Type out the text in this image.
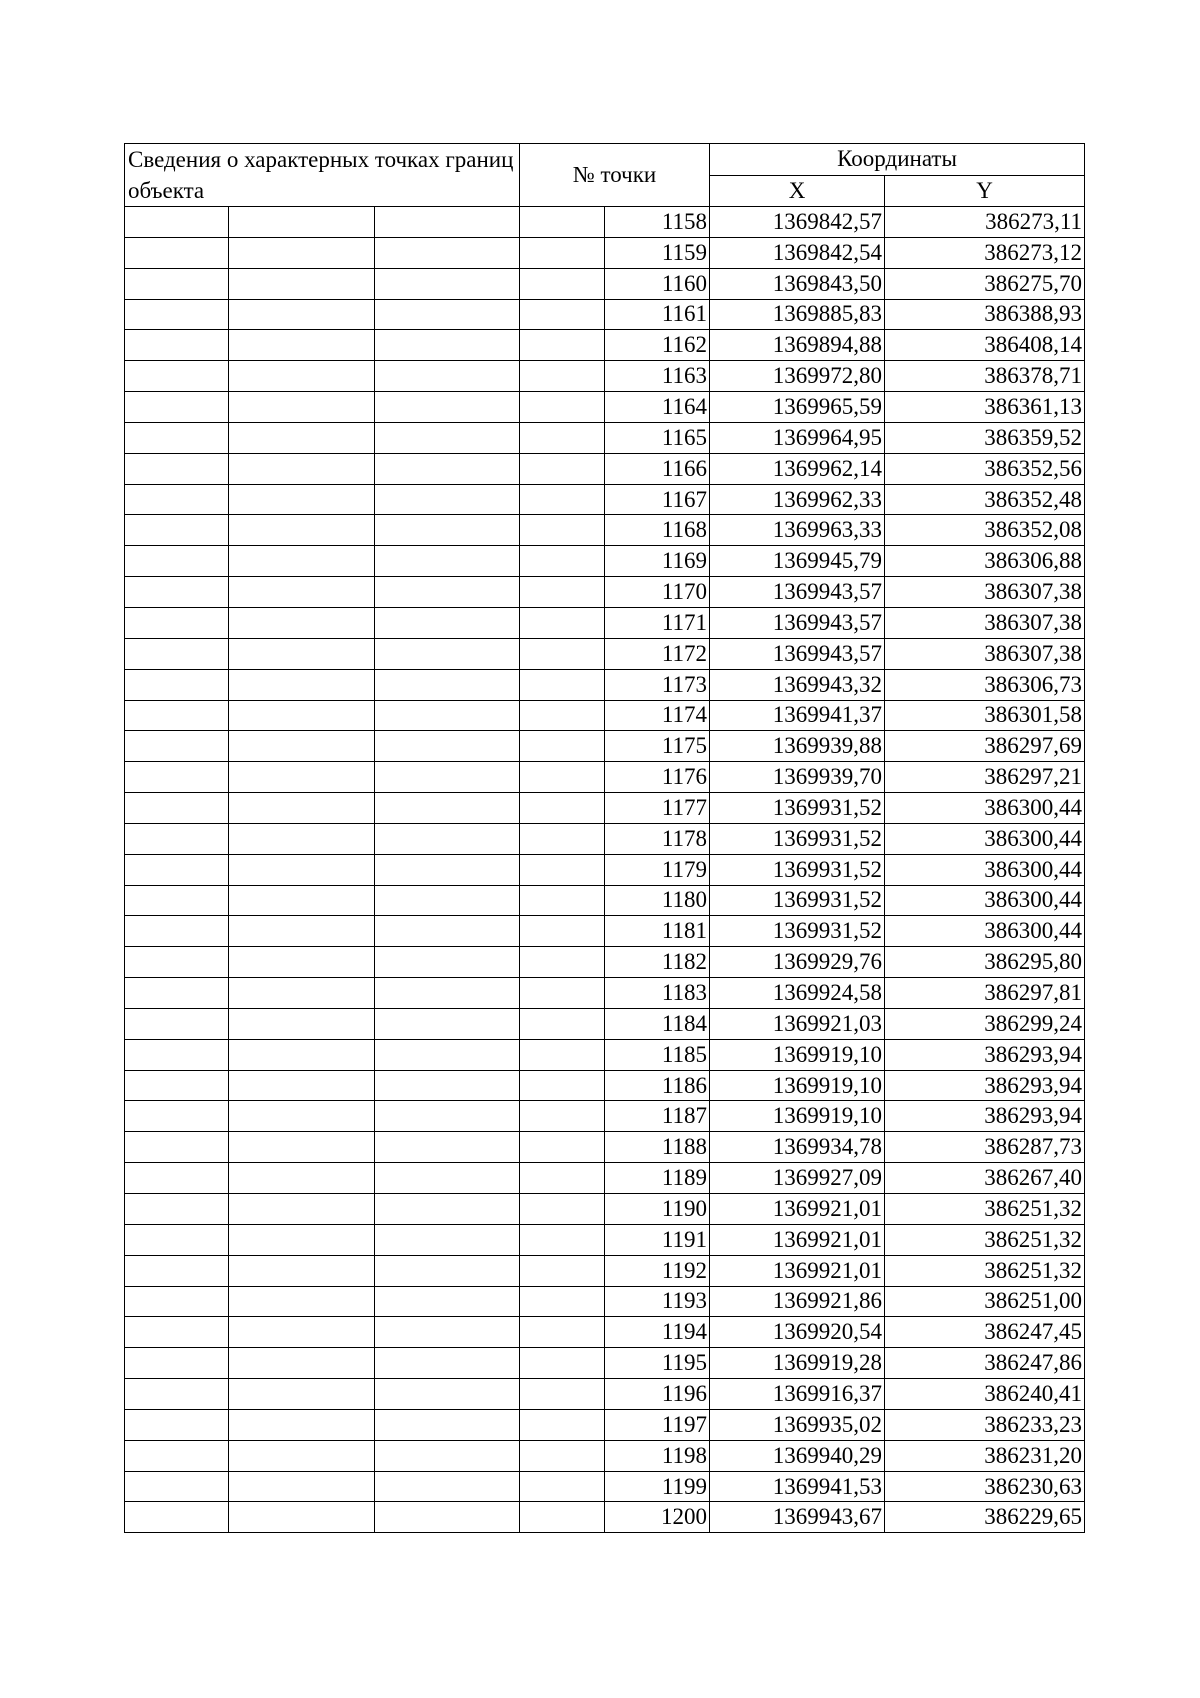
Сведения о характерных точках границ объекта			№ точки		Координаты	
					X	Y
				1158	1369842,57	386273,11
				1159	1369842,54	386273,12
				1160	1369843,50	386275,70
				1161	1369885,83	386388,93
				1162	1369894,88	386408,14
				1163	1369972,80	386378,71
				1164	1369965,59	386361,13
				1165	1369964,95	386359,52
				1166	1369962,14	386352,56
				1167	1369962,33	386352,48
				1168	1369963,33	386352,08
				1169	1369945,79	386306,88
				1170	1369943,57	386307,38
				1171	1369943,57	386307,38
				1172	1369943,57	386307,38
				1173	1369943,32	386306,73
				1174	1369941,37	386301,58
				1175	1369939,88	386297,69
				1176	1369939,70	386297,21
				1177	1369931,52	386300,44
				1178	1369931,52	386300,44
				1179	1369931,52	386300,44
				1180	1369931,52	386300,44
				1181	1369931,52	386300,44
				1182	1369929,76	386295,80
				1183	1369924,58	386297,81
				1184	1369921,03	386299,24
				1185	1369919,10	386293,94
				1186	1369919,10	386293,94
				1187	1369919,10	386293,94
				1188	1369934,78	386287,73
				1189	1369927,09	386267,40
				1190	1369921,01	386251,32
				1191	1369921,01	386251,32
				1192	1369921,01	386251,32
				1193	1369921,86	386251,00
				1194	1369920,54	386247,45
				1195	1369919,28	386247,86
				1196	1369916,37	386240,41
				1197	1369935,02	386233,23
				1198	1369940,29	386231,20
				1199	1369941,53	386230,63
				1200	1369943,67	386229,65
